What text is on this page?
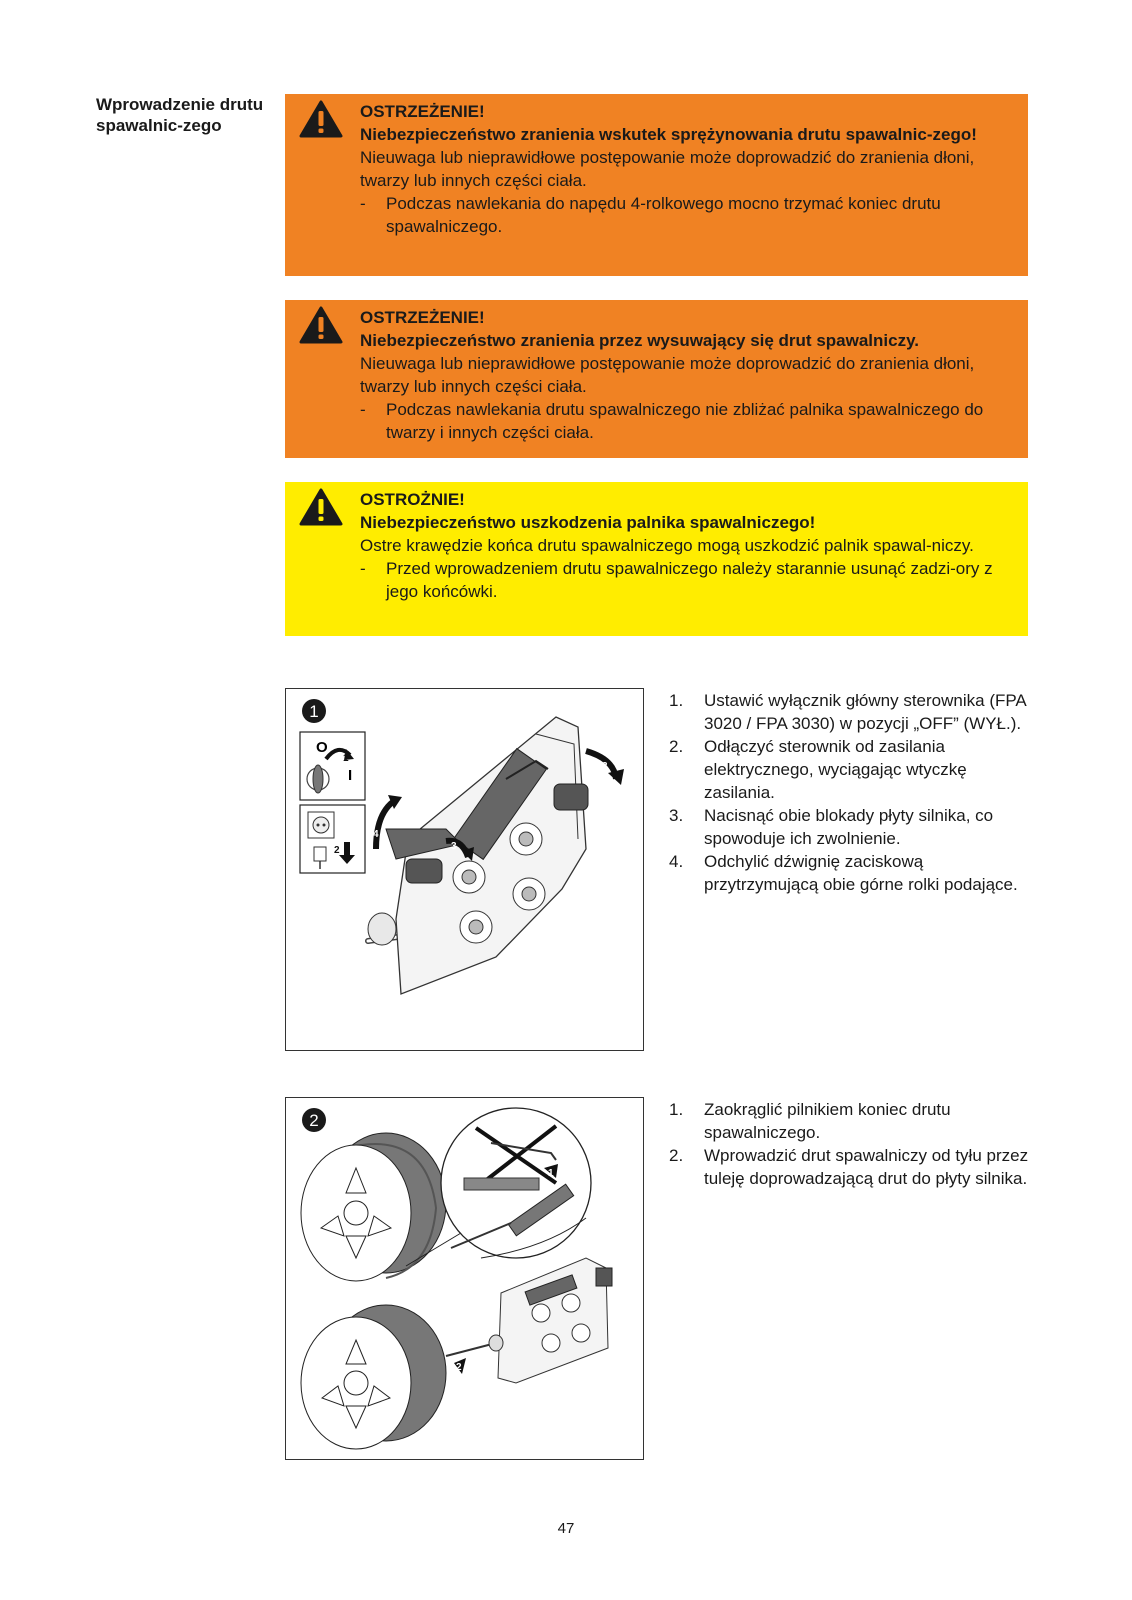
Wprowadzenie drutu spawalnic-zego
OSTRZEŻENIE!
Niebezpieczeństwo zranienia wskutek sprężynowania drutu spawalnic-zego!
Nieuwaga lub nieprawidłowe postępowanie może doprowadzić do zranienia dłoni, twarzy lub innych części ciała.
- Podczas nawlekania do napędu 4-rolkowego mocno trzymać koniec drutu spawalniczego.
OSTRZEŻENIE!
Niebezpieczeństwo zranienia przez wysuwający się drut spawalniczy.
Nieuwaga lub nieprawidłowe postępowanie może doprowadzić do zranienia dłoni, twarzy lub innych części ciała.
- Podczas nawlekania drutu spawalniczego nie zbliżać palnika spawalniczego do twarzy i innych części ciała.
OSTROŻNIE!
Niebezpieczeństwo uszkodzenia palnika spawalniczego!
Ostre krawędzie końca drutu spawalniczego mogą uszkodzić palnik spawal-niczy.
- Przed wprowadzeniem drutu spawalniczego należy starannie usunąć zadzi-ory z jego końcówki.
1
O
I
1
2
3
4
3
1. Ustawić wyłącznik główny sterownika (FPA 3020 / FPA 3030) w pozycji „OFF” (WYŁ.).
2. Odłączyć sterownik od zasilania elektrycznego, wyciągając wtyczkę zasilania.
3. Nacisnąć obie blokady płyty silnika, co spowoduje ich zwolnienie.
4. Odchylić dźwignię zaciskową przytrzymującą obie górne rolki podające.
2
1
2
1. Zaokrąglić pilnikiem koniec drutu spawalniczego.
2. Wprowadzić drut spawalniczy od tyłu przez tuleję doprowadzającą drut do płyty silnika.
47
